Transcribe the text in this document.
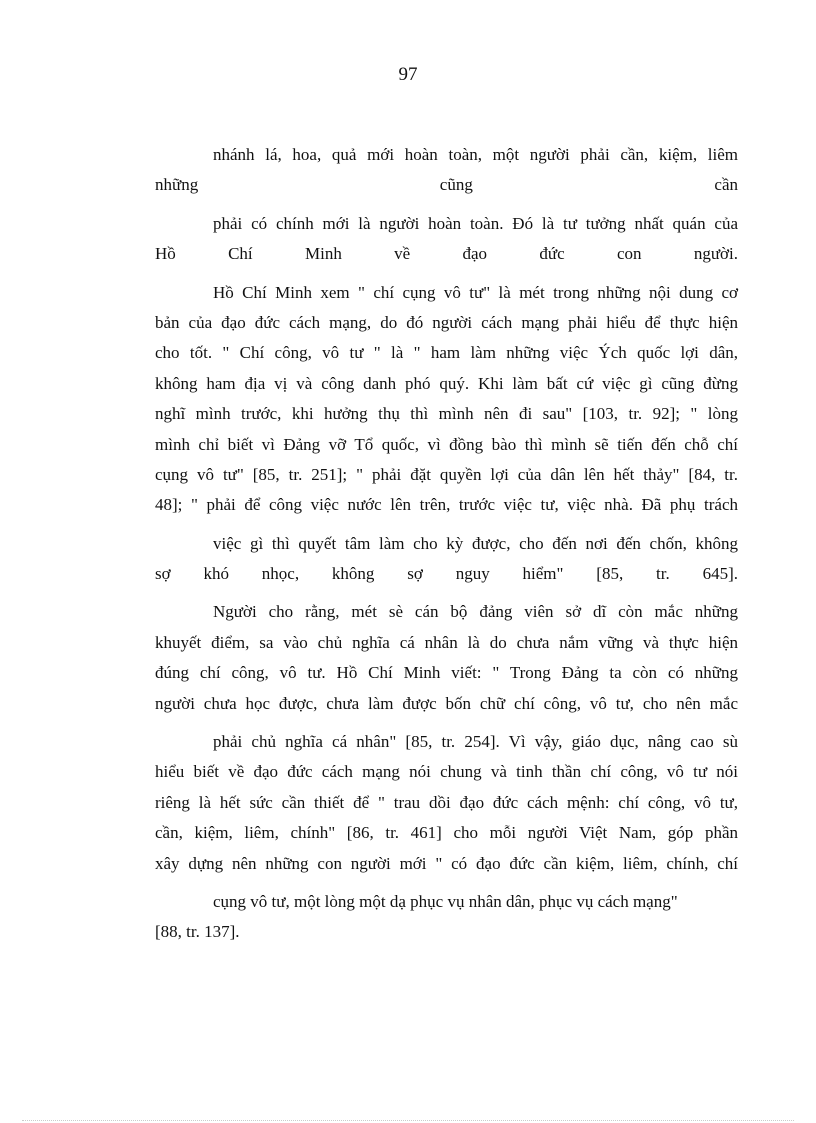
97
nhánh lá, hoa, quả mới hoàn toàn, một người phải cần, kiệm, liêm
những cũng cần
phải có chính mới là người hoàn toàn. Đó là tư tưởng nhất quán của
Hồ Chí Minh về đạo đức con người.
Hồ Chí Minh xem " chí cụng vô tư" là mét trong những nội dung cơ
bản của đạo đức cách mạng, do đó người cách mạng phải hiểu để thực hiện
cho tốt. " Chí công, vô tư " là " ham làm những việc Ých quốc lợi dân,
không ham địa vị và công danh phó quý. Khi làm bất cứ việc gì cũng đừng
nghĩ mình trước, khi hưởng thụ thì mình nên đi sau" [103, tr. 92]; " lòng
mình chỉ biết vì Đảng vỡ Tổ quốc, vì đồng bào thì mình sẽ tiến đến chỗ chí
cụng vô tư" [85, tr. 251]; " phải đặt quyền lợi của dân lên hết thảy" [84, tr.
48]; " phải để công việc nước lên trên, trước việc tư, việc nhà. Đã phụ trách
việc gì thì quyết tâm làm cho kỳ được, cho đến nơi đến chốn, không
sợ khó nhọc, không sợ nguy hiểm" [85, tr. 645].
Người cho rằng, mét sè cán bộ đảng viên sở dĩ còn mắc những
khuyết điểm, sa vào chủ nghĩa cá nhân là do chưa nắm vững và thực hiện
đúng chí công, vô tư. Hồ Chí Minh viết: " Trong Đảng ta còn có những
người chưa học được, chưa làm được bốn chữ chí công, vô tư, cho nên mắc
phải chủ nghĩa cá nhân" [85, tr. 254]. Vì vậy, giáo dục, nâng cao sù
hiểu biết về đạo đức cách mạng nói chung và tinh thần chí công, vô tư nói
riêng là hết sức cần thiết để " trau dồi đạo đức cách mệnh: chí công, vô tư,
cần, kiệm, liêm, chính" [86, tr. 461] cho mỗi người Việt Nam, góp phần
xây dựng nên những con người mới " có đạo đức cần kiệm, liêm, chính, chí
cụng vô tư, một lòng một dạ phục vụ nhân dân, phục vụ cách mạng"
[88, tr. 137].
